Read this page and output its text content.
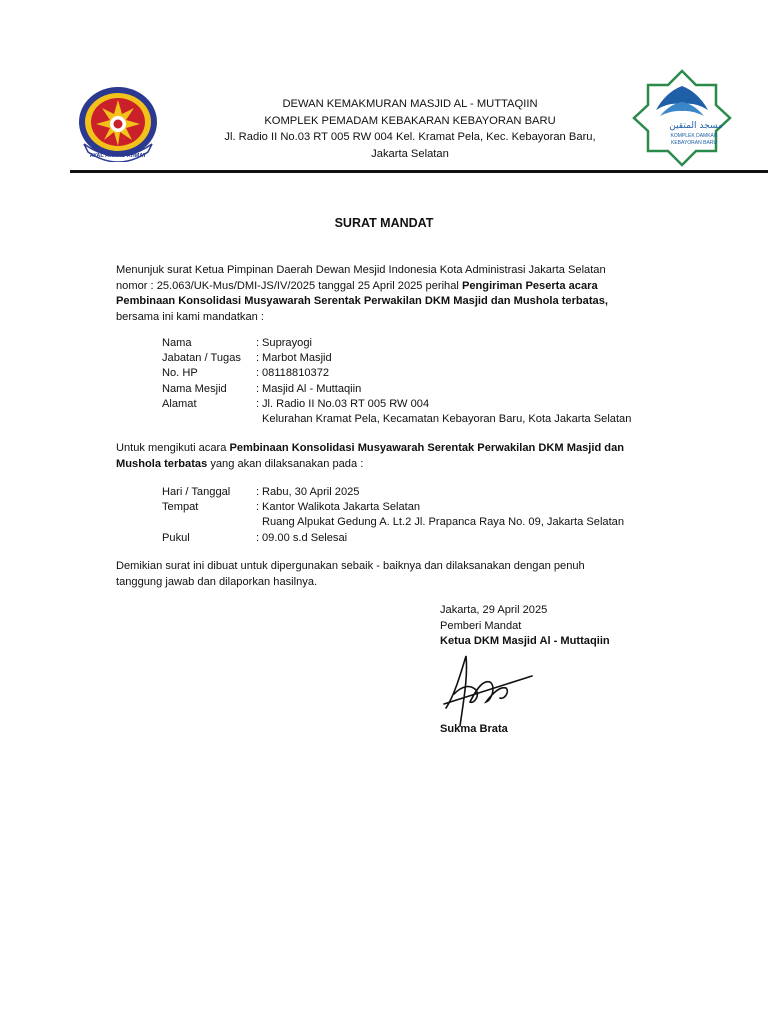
AYAL AWARD AHMAT
DEWAN KEMAKMURAN MASJID AL - MUTTAQIIN
KOMPLEK PEMADAM KEBAKARAN KEBAYORAN BARU
Jl. Radio II No.03 RT 005 RW 004 Kel. Kramat Pela, Kec. Kebayoran Baru,
Jakarta Selatan
مسجد المتقين
KOMPLEK DAMKAR
KEBAYORAN BARU
SURAT MANDAT
Menunjuk surat Ketua Pimpinan Daerah Dewan Mesjid Indonesia Kota Administrasi Jakarta Selatan
nomor : 25.063/UK-Mus/DMI-JS/IV/2025 tanggal 25 April 2025 perihal Pengiriman Peserta acara
Pembinaan Konsolidasi Musyawarah Serentak Perwakilan DKM Masjid dan Mushola terbatas,
bersama ini kami mandatkan :
Nama	: Suprayogi
Jabatan / Tugas	: Marbot Masjid
No. HP	: 08118810372
Nama Mesjid	: Masjid Al - Muttaqiin
Alamat	: Jl. Radio II No.03 RT 005 RW 004
Kelurahan Kramat Pela, Kecamatan Kebayoran Baru, Kota Jakarta Selatan
Untuk mengikuti acara Pembinaan Konsolidasi Musyawarah Serentak Perwakilan DKM Masjid dan
Mushola terbatas yang akan dilaksanakan pada :
Hari / Tanggal	: Rabu, 30 April 2025
Tempat	: Kantor Walikota Jakarta Selatan
Ruang Alpukat Gedung A. Lt.2 Jl. Prapanca Raya No. 09, Jakarta Selatan
Pukul	: 09.00 s.d Selesai
Demikian surat ini dibuat untuk dipergunakan sebaik - baiknya dan dilaksanakan dengan penuh
tanggung jawab dan dilaporkan hasilnya.
Jakarta, 29 April 2025
Pemberi Mandat
Ketua DKM Masjid Al - Muttaqiin
Sukma Brata
